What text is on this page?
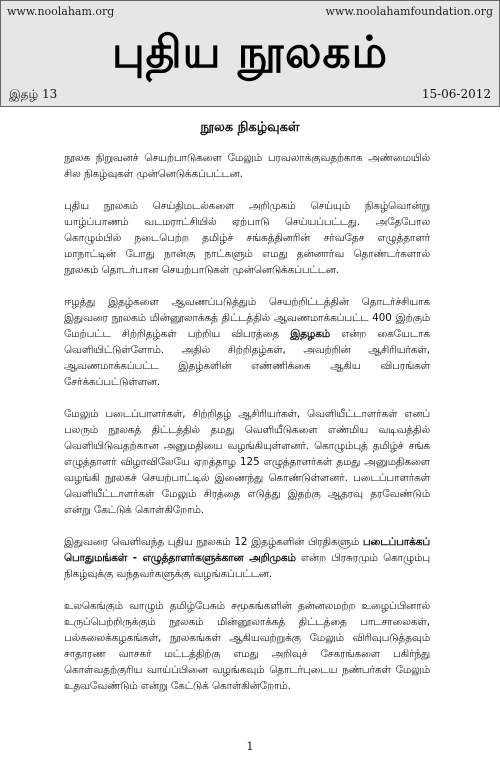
www.noolaham.org	www.noolahamfoundation.org
புதிய நூலகம்
இதழ் 13	15-06-2012
நூலக நிகழ்வுகள்

நூலக நிறுவனச் செயற்பாடுகளை மேலும் பரவலாக்குவதற்காக அண்மையில் சில நிகழ்வுகள் முன்னெடுக்கப்பட்டன.

புதிய நூலகம் செய்திமடல்களை அறிமுகம் செய்யும் நிகழ்வொன்று யாழ்ப்பாணம் வடமராட்சியில் ஏற்பாடு செய்யப்பட்டது. அதேபோல கொழும்பில் நடைபெற்ற தமிழ்ச் சங்கத்தினரின் சர்வதேச எழுத்தாளர் மாநாட்டின் போது நான்கு நாட்களும் எமது தன்னார்வ தொண்டர்களால் நூலகம் தொடர்பான செயற்பாடுகள் முன்னெடுக்கப்பட்டன.

ஈழத்து இதழ்களை ஆவணப்படுத்தும் செயற்றிட்டத்தின் தொடர்ச்சியாக இதுவரை நூலகம் மின்னூலாக்கத் திட்டத்தில் ஆவணமாக்கப்பட்ட 400 இற்கும் மேற்பட்ட சிற்றிதழ்கள் பற்றிய விபரத்தை இதழகம் என்ற கையேடாக வெளியிட்டுள்ளோம். அதில் சிற்றிதழ்கள், அவற்றின் ஆசிரியர்கள், ஆவணமாக்கப்பட்ட இதழ்களின் எண்ணிக்கை ஆகிய விபரங்கள் சேர்க்கப்பட்டுள்ளன.

மேலும் படைப்பாளர்கள், சிற்றிதழ் ஆசிரியர்கள், வெளியீட்டாளர்கள் எனப் பலரும் நூலகத் திட்டத்தில் தமது வெளியீடுகளை எண்மிய வடிவத்தில் வெளியிடுவதற்கான அனுமதியை வழங்கியுள்ளனர். கொழும்புத் தமிழ்ச் சங்க எழுத்தாளர் விழாவிலேயே ஏறத்தாழ 125 எழுத்தாளர்கள் தமது அனுமதிகளை வழங்கி நூலகச் செயற்பாட்டில் இணைந்து கொண்டுள்ளனர். படைப்பாளர்கள் வெளியீட்டாளர்கள் மேலும் சிரத்தை எடுத்து இதற்கு ஆதரவு தரவேண்டும் என்று கேட்டுக் கொள்கிறோம்.

இதுவரை வெளிவந்த புதிய நூலகம் 12 இதழ்களின் பிரதிகளும் படைப்பாக்கப் பொதுமங்கள் - எழுத்தாளர்களுக்கான அறிமுகம் என்ற பிரசுரமும் கொழும்பு நிகழ்வுக்கு வந்தவர்களுக்கு வழங்கப்பட்டன.

உலகெங்கும் வாழும் தமிழ்பேசும் சமூகங்களின் தன்னலமற்ற உழைப்பினால் உருப்பெற்றிருக்கும் நூலகம் மின்னூலாக்கத் திட்டத்தை பாடசாலைகள், பல்கலைக்கழகங்கள், நூலகங்கள் ஆகியவற்றுக்கு மேலும் விரிவுபடுத்தவும் சாதாரண வாசகர் மட்டத்திற்கு எமது அறிவுச் சேகரங்களை பகிர்ந்து கொள்வதற்குரிய வாய்ப்பினை வழங்கவும் தொடர்புடைய நண்பர்கள் மேலும் உதவவேண்டும் என்று கேட்டுக் கொள்கின்றோம்.

1
